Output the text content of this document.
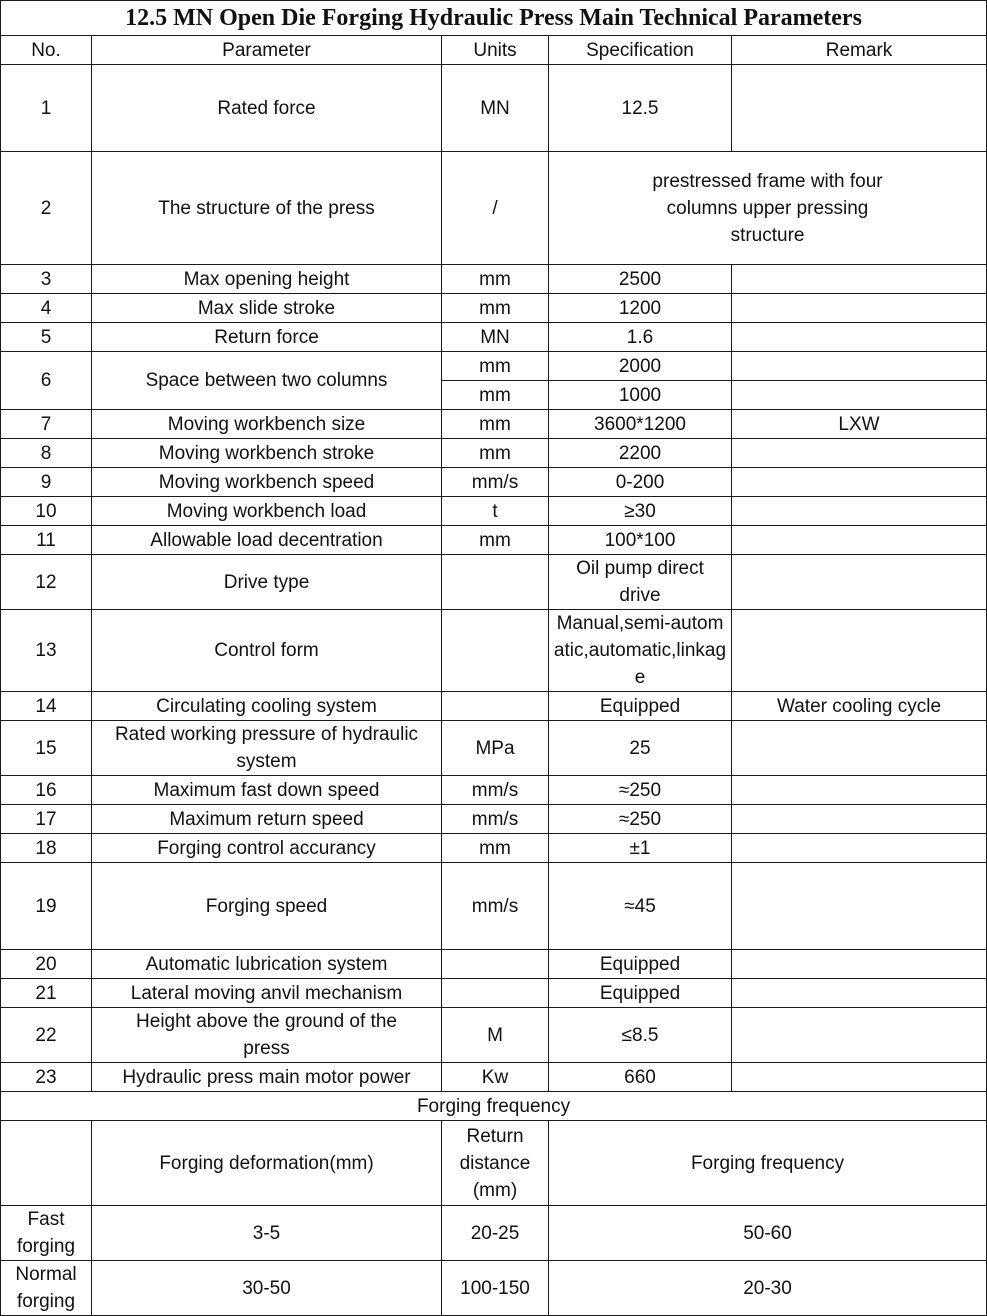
12.5 MN Open Die Forging Hydraulic Press Main Technical Parameters				
No.	Parameter	Units	Specification	Remark
1	Rated force	MN	12.5	
2	The structure of the press	/	prestressed frame with four columns upper pressing structure	
3	Max opening height	mm	2500	
4	Max slide stroke	mm	1200	
5	Return force	MN	1.6	
6	Space between two columns	mm	2000	
		mm	1000	
7	Moving workbench size	mm	3600*1200	LXW
8	Moving workbench stroke	mm	2200	
9	Moving workbench speed	mm/s	0-200	
10	Moving workbench load	t	≥30	
11	Allowable load decentration	mm	100*100	
12	Drive type		Oil pump direct drive	
13	Control form		Manual,semi-automatic,automatic,linkage	
14	Circulating cooling system		Equipped	Water cooling cycle
15	Rated working pressure of hydraulic system	MPa	25	
16	Maximum fast down speed	mm/s	≈250	
17	Maximum return speed	mm/s	≈250	
18	Forging control accurancy	mm	±1	
19	Forging speed	mm/s	≈45	
20	Automatic lubrication system		Equipped	
21	Lateral moving anvil mechanism		Equipped	
22	Height above the ground of the press	M	≤8.5	
23	Hydraulic press main motor power	Kw	660	
Forging frequency				
	Forging deformation(mm)	Return distance (mm)	Forging frequency	
Fast forging	3-5	20-25	50-60	
Normal forging	30-50	100-150	20-30	
